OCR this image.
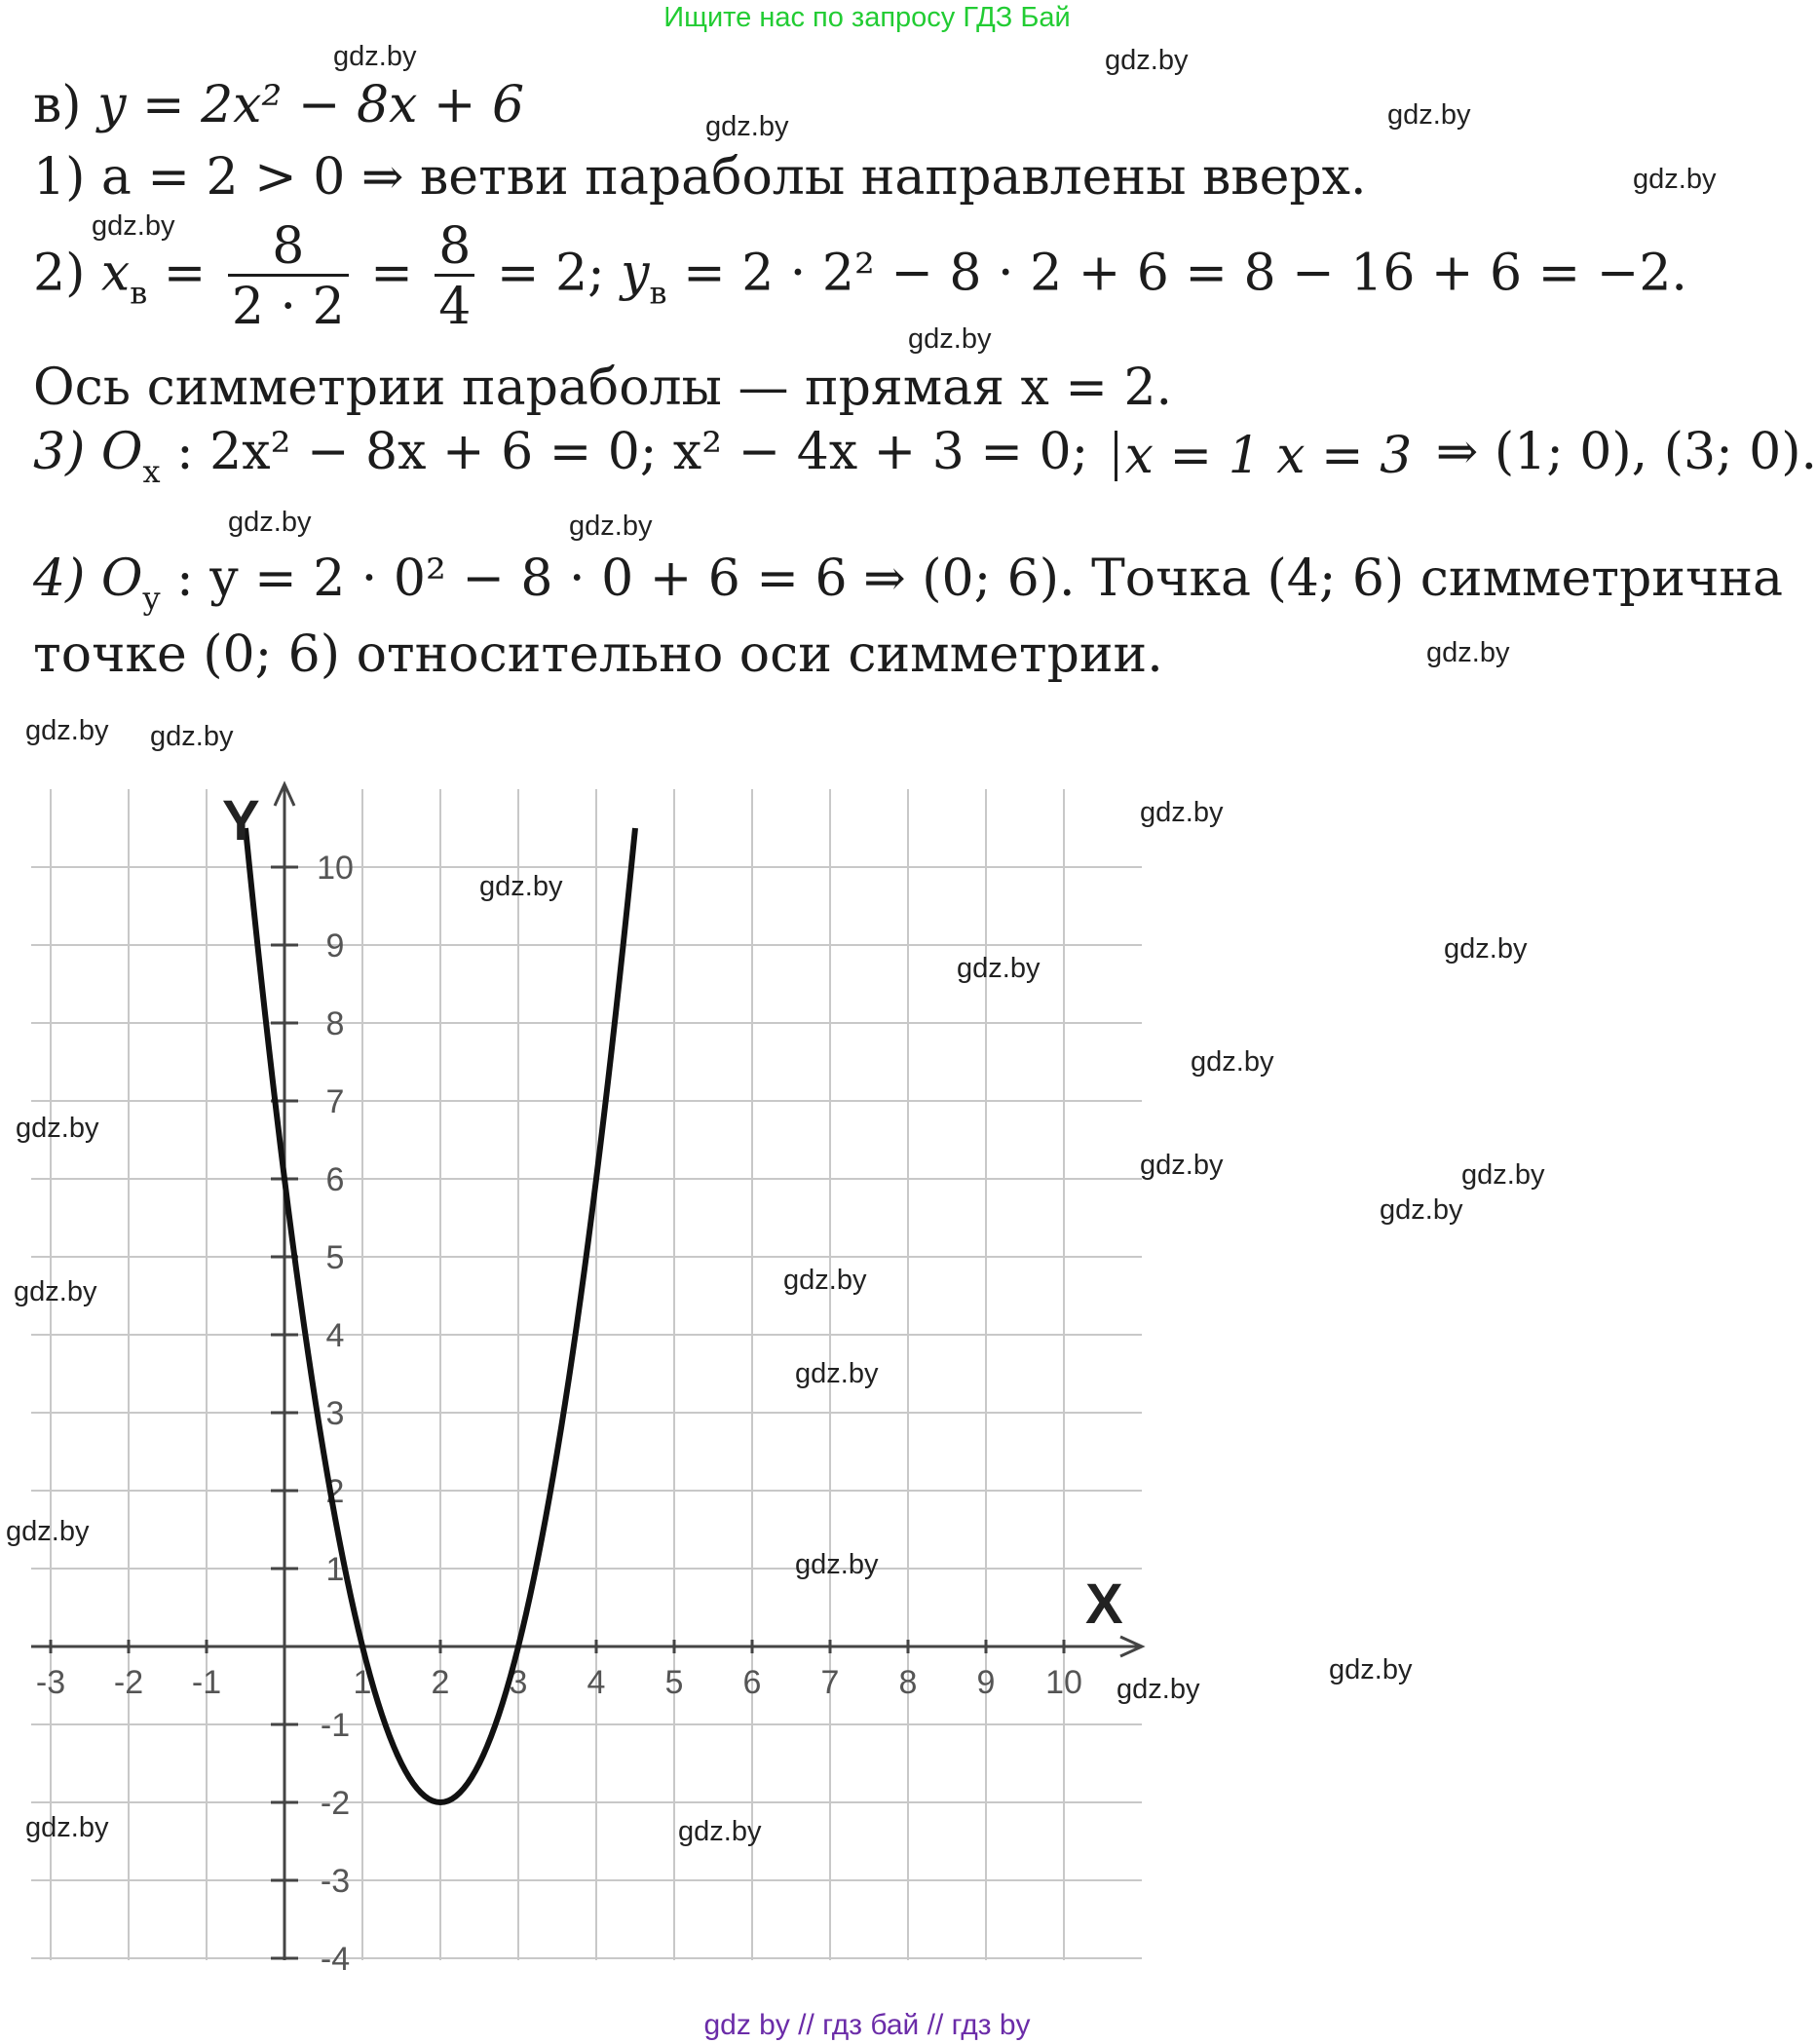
Ищите нас по запросу ГДЗ Бай
в) y = 2x² − 8x + 6
1) a = 2 > 0 ⇒ ветви параболы направлены вверх.
2) $x_в = \frac{8}{2 \cdot 2} = \frac{8}{4} = 2$; $y_в = 2 \cdot 2^2 - 8 \cdot 2 + 6 = 8 - 16 + 6 = -2$.
Ось симметрии параболы — прямая x = 2.
3) $O_x$ : 2x² − 8x + 6 = 0; x² − 4x + 3 = 0; x = 1 x = 3 ⇒ (1; 0), (3; 0).
4) $O_y$ : y = 2 · 0² − 8 · 0 + 6 = 6 ⇒ (0; 6). Точка (4; 6) симметрична
точке (0; 6) относительно оси симметрии.
-3 -2 -1	1 2 3 4 5 6 7 8 9 10
10
9
8
7
6
5
4
3
2
1
-1
-2
-3
-4
X
Y
gdz.by	gdz.by
gdz.by	gdz.by
gdz.by
gdz.by
gdz.by
gdz.by	gdz.by
gdz.by
gdz.by gdz.by
gdz.by
gdz.by
gdz.by
gdz.by
gdz.by
gdz.by
gdz.by	gdz.by
gdz.by
gdz.by	gdz.by
gdz.by
gdz.by
gdz.by
gdz.by
gdz.by
gdz.by	gdz.by
gdz by // гдз бай // гдз by
